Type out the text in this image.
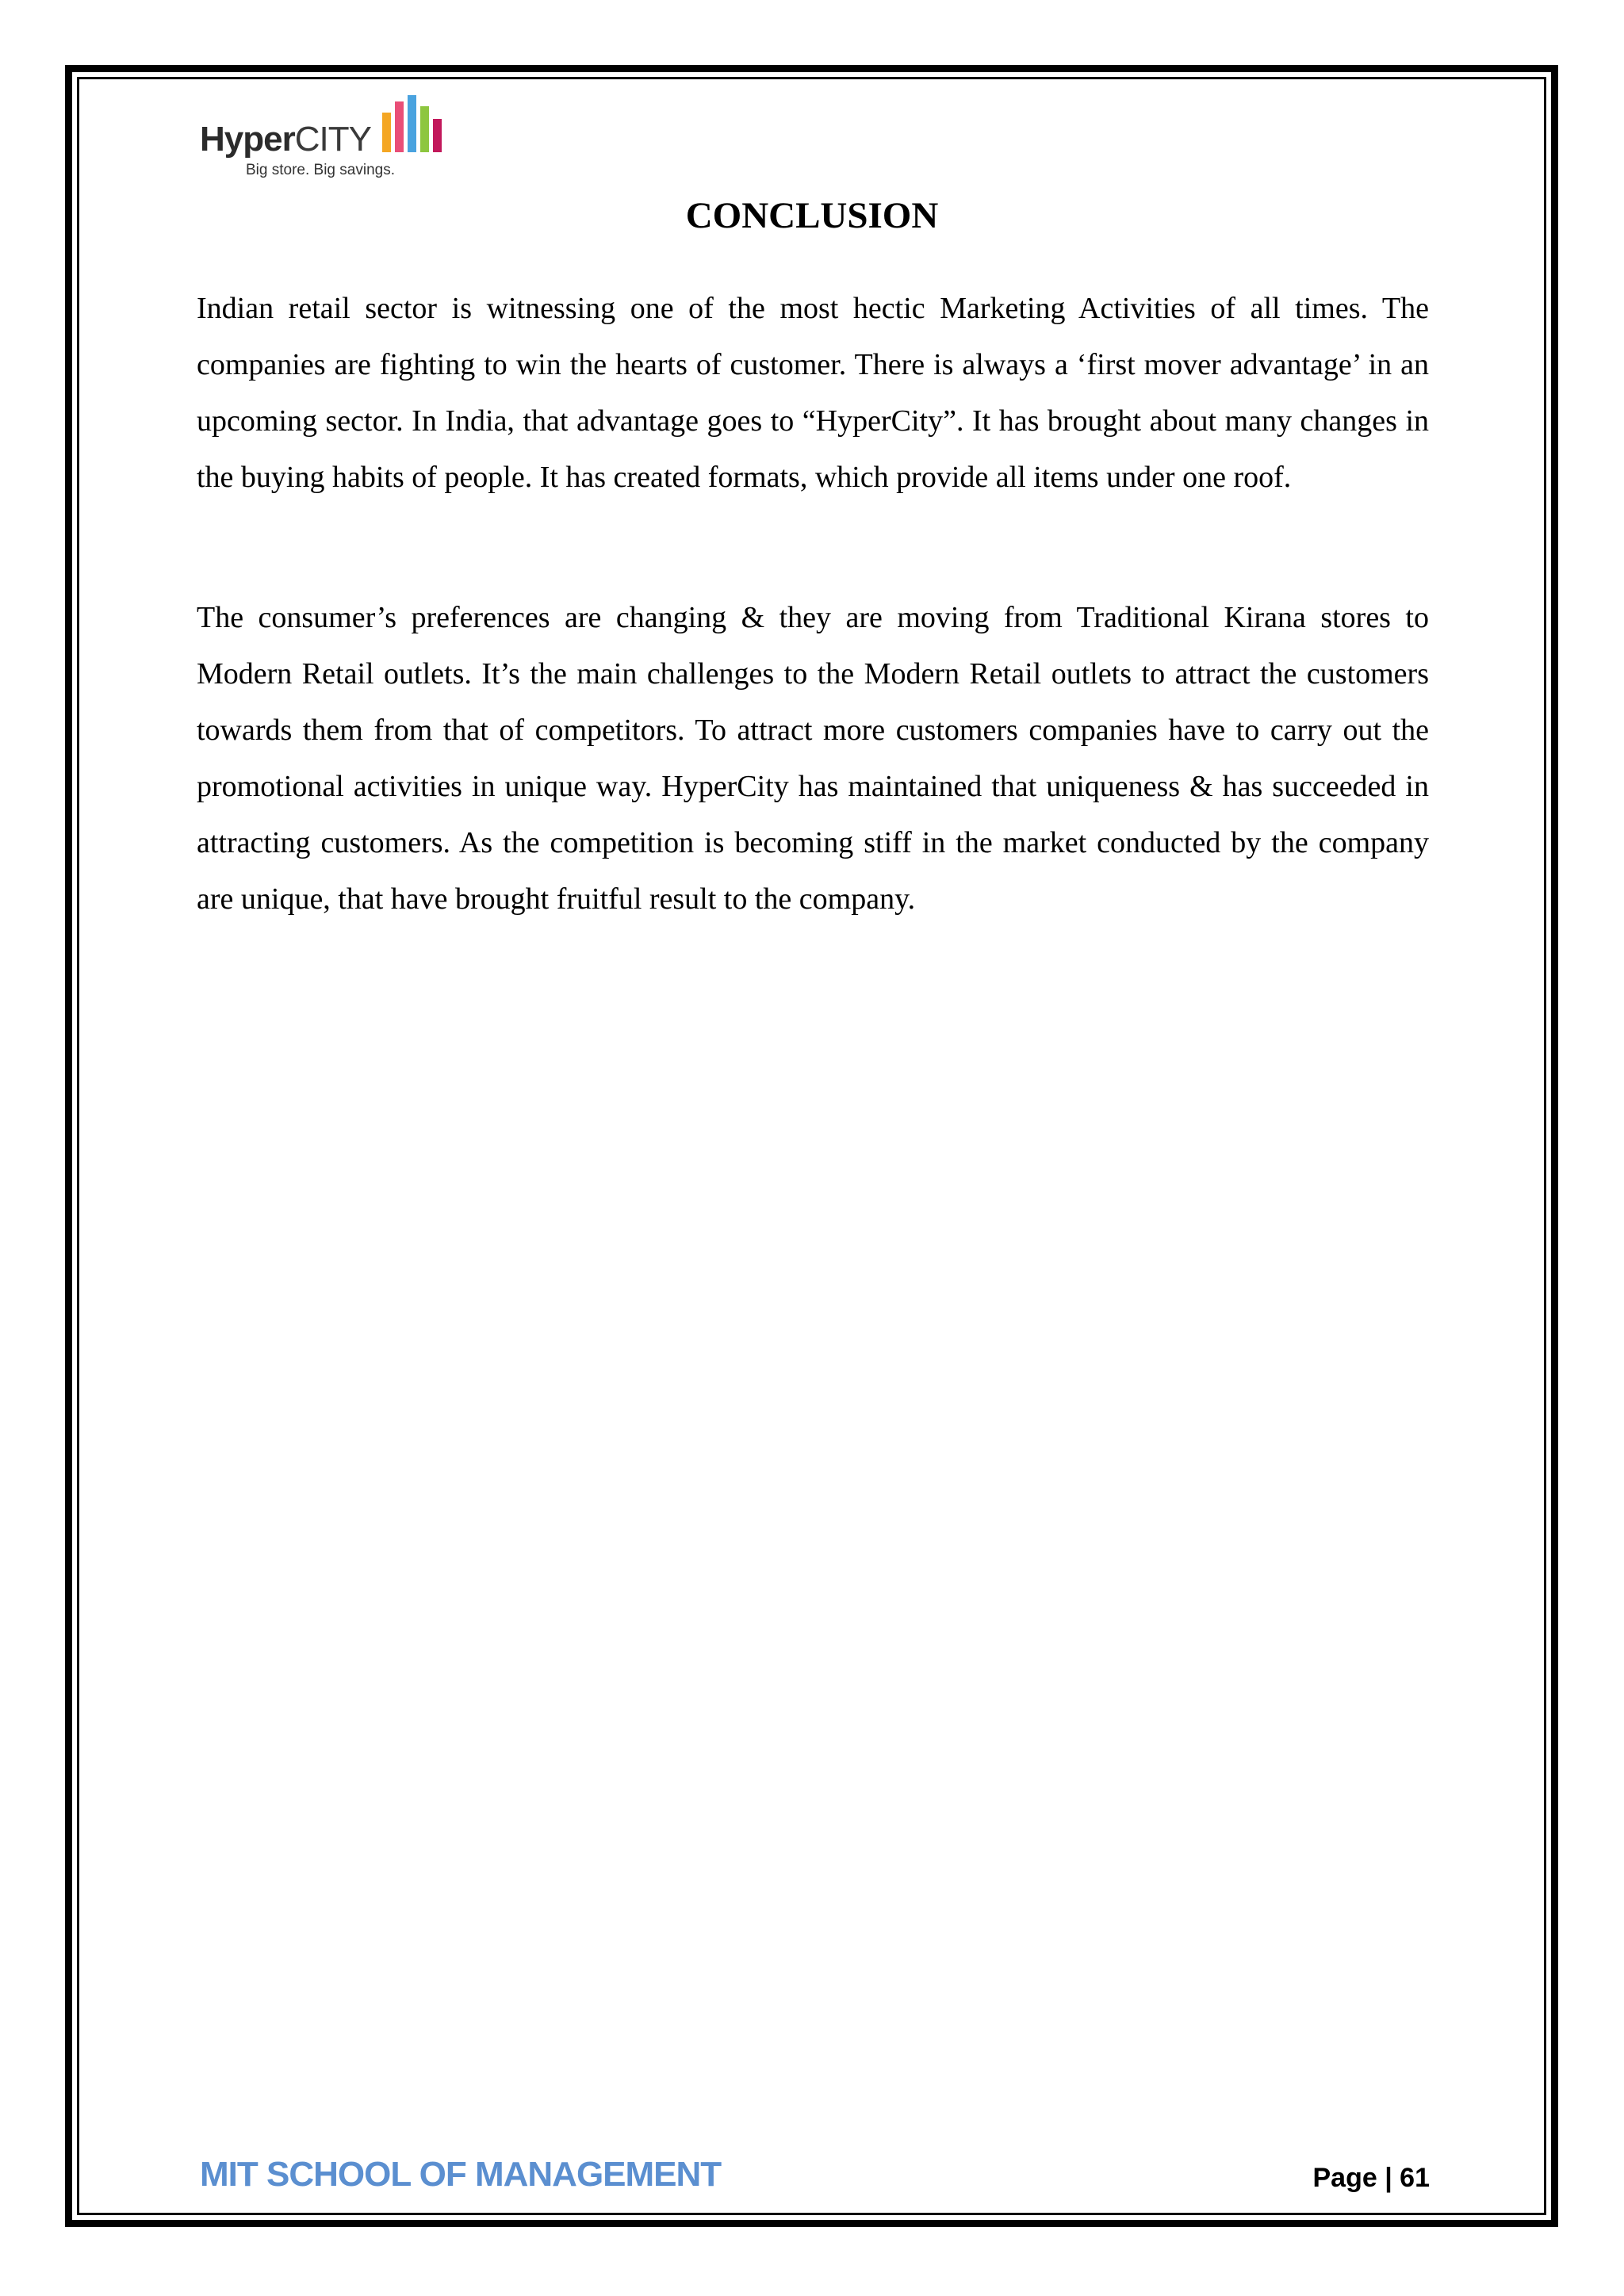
HyperCITY
Big store. Big savings.
CONCLUSION

Indian retail sector is witnessing one of the most hectic Marketing Activities of all times. The companies are fighting to win the hearts of customer. There is always a ‘first mover advantage’ in an upcoming sector. In India, that advantage goes to “HyperCity”. It has brought about many changes in the buying habits of people. It has created formats, which provide all items under one roof.

The consumer’s preferences are changing & they are moving from Traditional Kirana stores to Modern Retail outlets. It’s the main challenges to the Modern Retail outlets to attract the customers towards them from that of competitors. To attract more customers companies have to carry out the promotional activities in unique way. HyperCity has maintained that uniqueness & has succeeded in attracting customers. As the competition is becoming stiff in the market conducted by the company are unique, that have brought fruitful result to the company.

MIT SCHOOL OF MANAGEMENT	Page | 61
